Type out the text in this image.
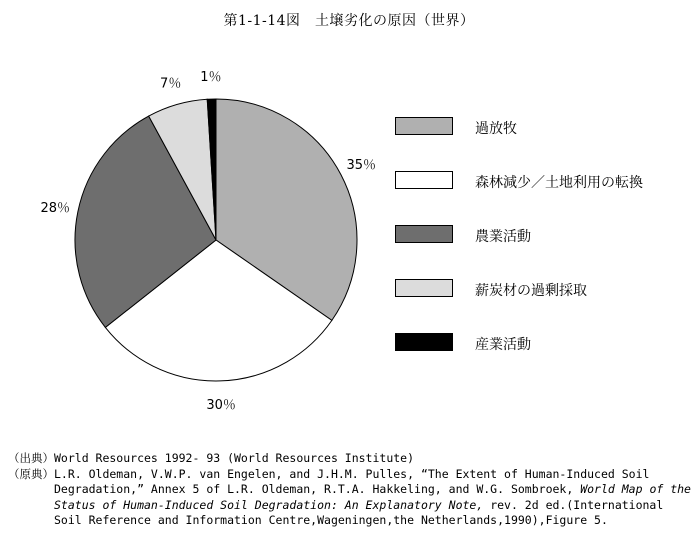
第1-1-14図　土壌劣化の原因（世界）
35％
30％
28％
7％ 1％
過放牧
森林減少／土地利用の転換
農業活動
薪炭材の過剰採取
産業活動
（出典） World Resources 1992- 93 (World Resources Institute)
（原典） L.R. Oldeman, V.W.P. van Engelen, and J.H.M. Pulles, “The Extent of Human-Induced Soil Degradation,” Annex 5 of L.R. Oldeman, R.T.A. Hakkeling, and W.G. Sombroek, World Map of the Status of Human-Induced Soil Degradation: An Explanatory Note, rev. 2d ed.(International Soil Reference and Information Centre,Wageningen,the Netherlands,1990),Figure 5.
